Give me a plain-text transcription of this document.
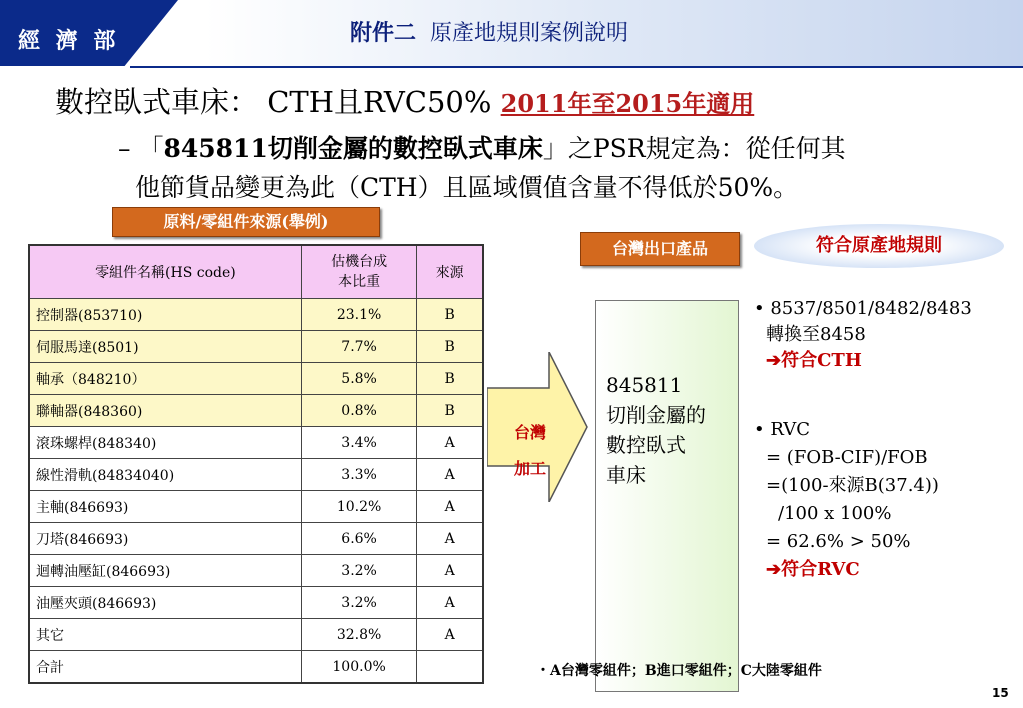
經 濟 部	附件二 原產地規則案例說明
數控臥式車床： CTH且RVC50% 2011年至2015年適用
– 「845811切削金屬的數控臥式車床」之PSR規定為：從任何其
他節貨品變更為此（CTH）且區域價值含量不得低於50%。
原料/零組件來源(舉例)
台灣出口產品	符合原產地規則
零組件名稱(HS code)	估機台成本比重	來源
控制器(853710)	23.1%	B
伺服馬達(8501)	7.7%	B
軸承（848210）	5.8%	B
聯軸器(848360)	0.8%	B
滾珠螺桿(848340)	3.4%	A
線性滑軌(84834040)	3.3%	A
主軸(846693)	10.2%	A
刀塔(846693)	6.6%	A
迴轉油壓缸(846693)	3.2%	A
油壓夾頭(846693)	3.2%	A
其它	32.8%	A
合計	100.0%	
台灣
加工
845811
切削金屬的
數控臥式
車床
• 8537/8501/8482/8483
轉換至8458
➔符合CTH
• RVC
= (FOB-CIF)/FOB
=(100-來源B(37.4))
/100 x 100%
= 62.6% > 50%
➔符合RVC
・A台灣零組件；B進口零組件；C大陸零組件
15
